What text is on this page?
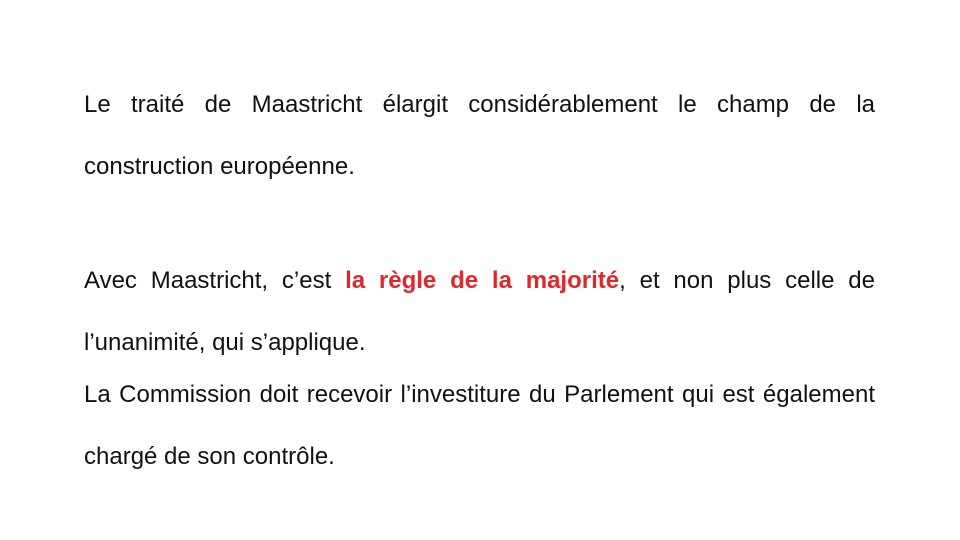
Le traité de Maastricht élargit considérablement le champ de la construction européenne.

Avec Maastricht, c’est la règle de la majorité, et non plus celle de l’unanimité, qui s’applique.

La Commission doit recevoir l’investiture du Parlement qui est également chargé de son contrôle.
